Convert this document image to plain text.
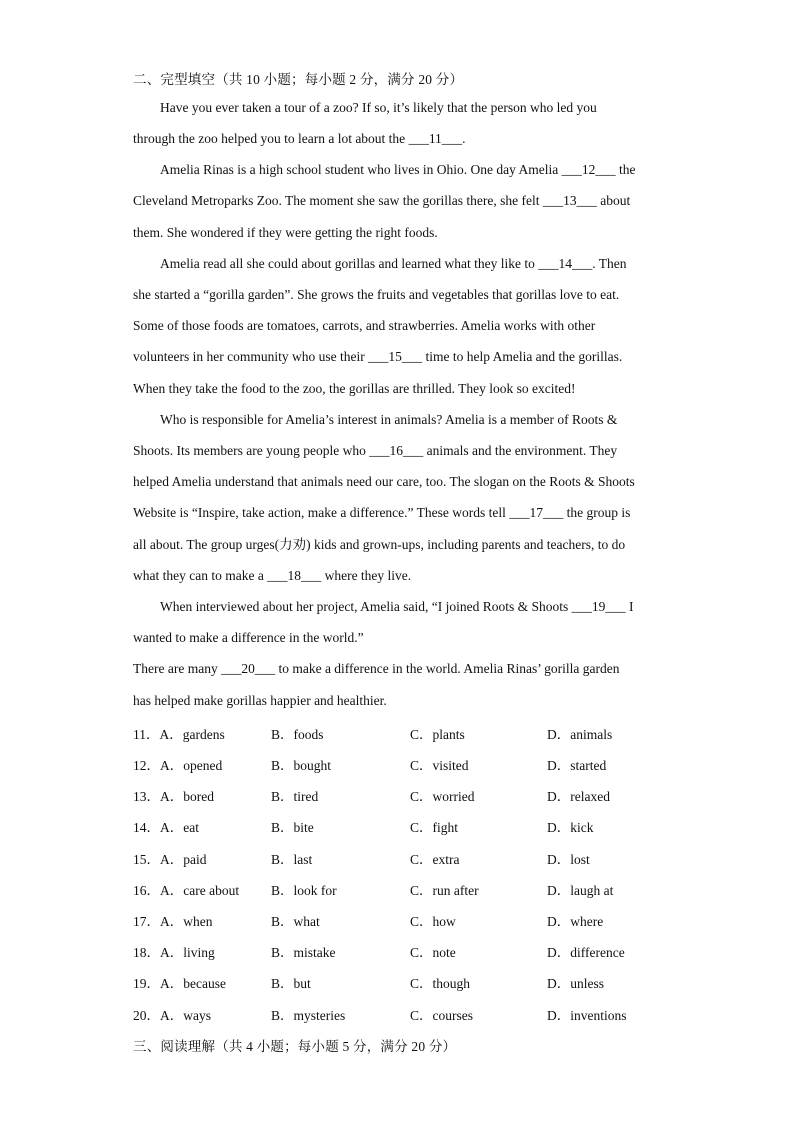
二、完型填空（共 10 小题；每小题 2 分，满分 20 分）
Have you ever taken a tour of a zoo? If so, it’s likely that the person who led you
through the zoo helped you to learn a lot about the ___11___.
Amelia Rinas is a high school student who lives in Ohio. One day Amelia ___12___ the
Cleveland Metroparks Zoo. The moment she saw the gorillas there, she felt ___13___ about
them. She wondered if they were getting the right foods.
Amelia read all she could about gorillas and learned what they like to ___14___. Then
she started a “gorilla garden”. She grows the fruits and vegetables that gorillas love to eat.
Some of those foods are tomatoes, carrots, and strawberries. Amelia works with other
volunteers in her community who use their ___15___ time to help Amelia and the gorillas.
When they take the food to the zoo, the gorillas are thrilled. They look so excited!
Who is responsible for Amelia’s interest in animals? Amelia is a member of Roots &
Shoots. Its members are young people who ___16___ animals and the environment. They
helped Amelia understand that animals need our care, too. The slogan on the Roots & Shoots
Website is “Inspire, take action, make a difference.” These words tell ___17___ the group is
all about. The group urges(力劝) kids and grown-ups, including parents and teachers, to do
what they can to make a ___18___ where they live.
When interviewed about her project, Amelia said, “I joined Roots & Shoots ___19___ I
wanted to make a difference in the world.”
There are many ___20___ to make a difference in the world. Amelia Rinas’ gorilla garden
has helped make gorillas happier and healthier.
11．A．gardens	B．foods	C．plants	D．animals
12．A．opened	B．bought	C．visited	D．started
13．A．bored	B．tired	C．worried	D．relaxed
14．A．eat	B．bite	C．fight	D．kick
15．A．paid	B．last	C．extra	D．lost
16．A．care about B．look for	C．run after	D．laugh at
17．A．when	B．what	C．how	D．where
18．A．living	B．mistake	C．note	D．difference
19．A．because	B．but	C．though	D．unless
20．A．ways	B．mysteries	C．courses	D．inventions
三、阅读理解（共 4 小题；每小题 5 分，满分 20 分）
